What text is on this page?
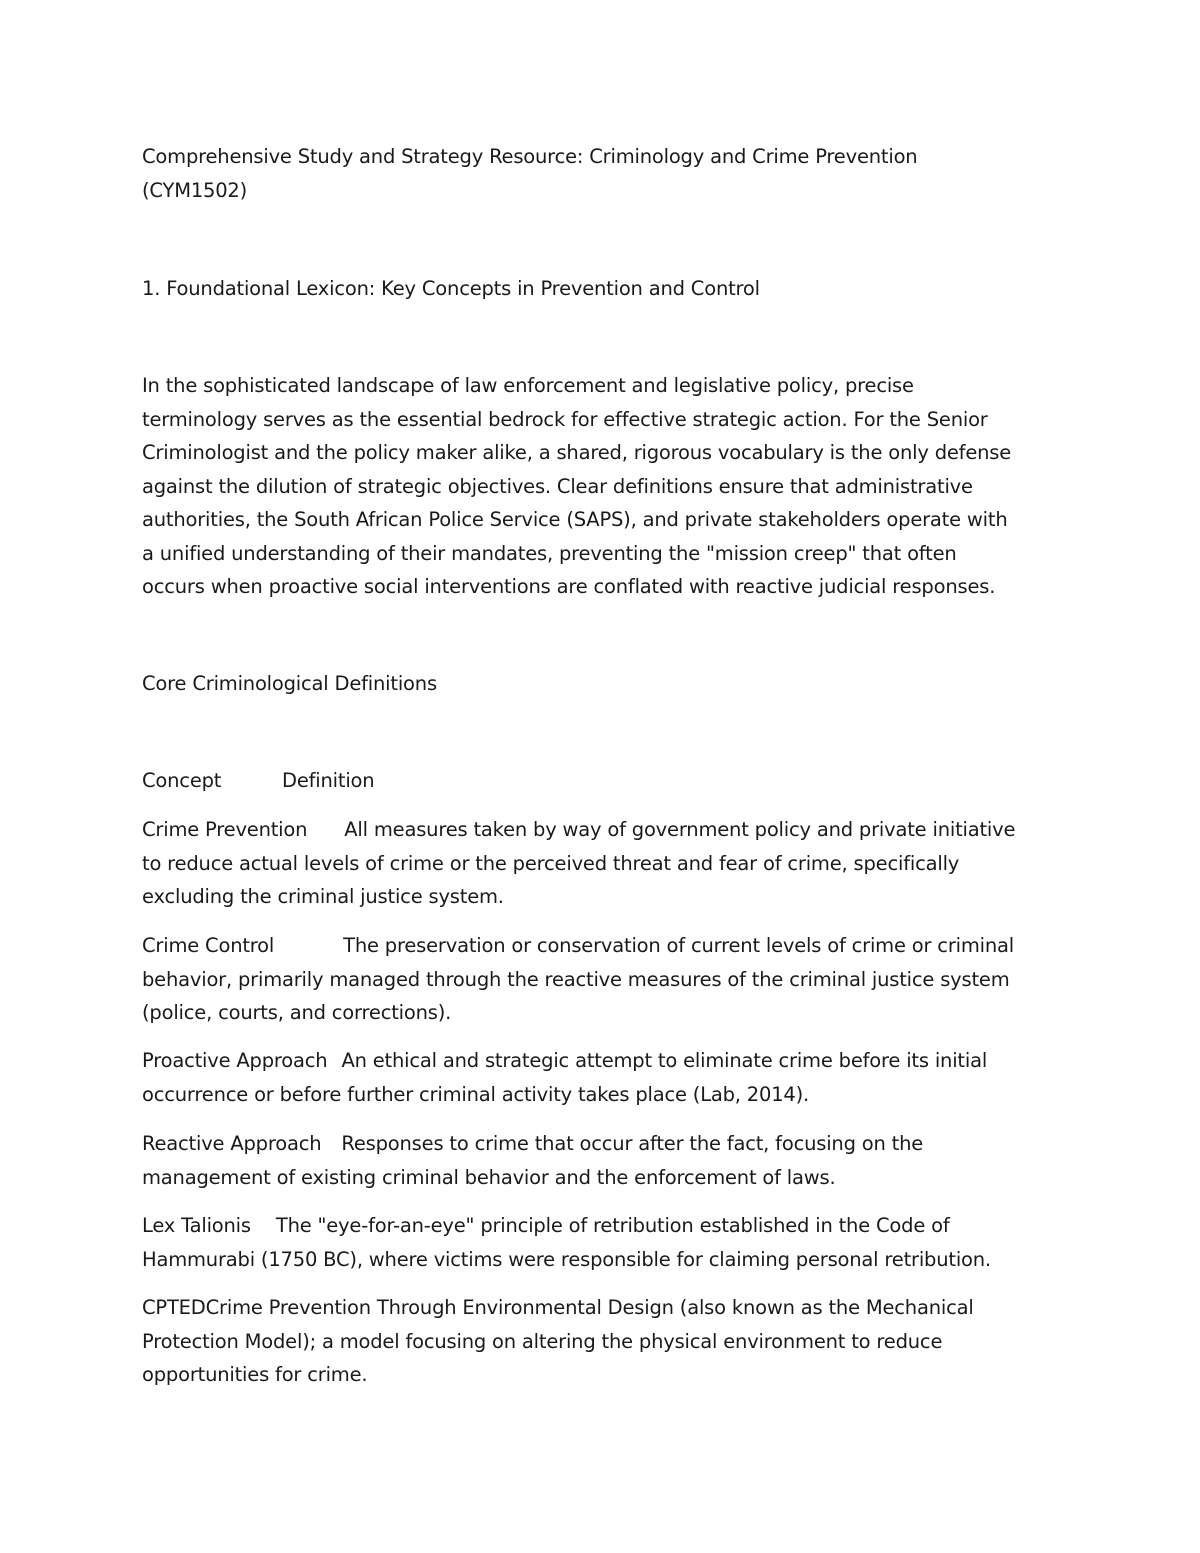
Comprehensive Study and Strategy Resource: Criminology and Crime Prevention
(CYM1502)
1. Foundational Lexicon: Key Concepts in Prevention and Control
In the sophisticated landscape of law enforcement and legislative policy, precise
terminology serves as the essential bedrock for effective strategic action. For the Senior
Criminologist and the policy maker alike, a shared, rigorous vocabulary is the only defense
against the dilution of strategic objectives. Clear definitions ensure that administrative
authorities, the South African Police Service (SAPS), and private stakeholders operate with
a unified understanding of their mandates, preventing the "mission creep" that often
occurs when proactive social interventions are conflated with reactive judicial responses.
Core Criminological Definitions
Concept	Definition
Crime Prevention All measures taken by way of government policy and private initiative
to reduce actual levels of crime or the perceived threat and fear of crime, specifically
excluding the criminal justice system.
Crime Control	The preservation or conservation of current levels of crime or criminal
behavior, primarily managed through the reactive measures of the criminal justice system
(police, courts, and corrections).
Proactive Approach An ethical and strategic attempt to eliminate crime before its initial
occurrence or before further criminal activity takes place (Lab, 2014).
Reactive Approach Responses to crime that occur after the fact, focusing on the
management of existing criminal behavior and the enforcement of laws.
Lex Talionis The "eye-for-an-eye" principle of retribution established in the Code of
Hammurabi (1750 BC), where victims were responsible for claiming personal retribution.
CPTEDCrime Prevention Through Environmental Design (also known as the Mechanical
Protection Model); a model focusing on altering the physical environment to reduce
opportunities for crime.
